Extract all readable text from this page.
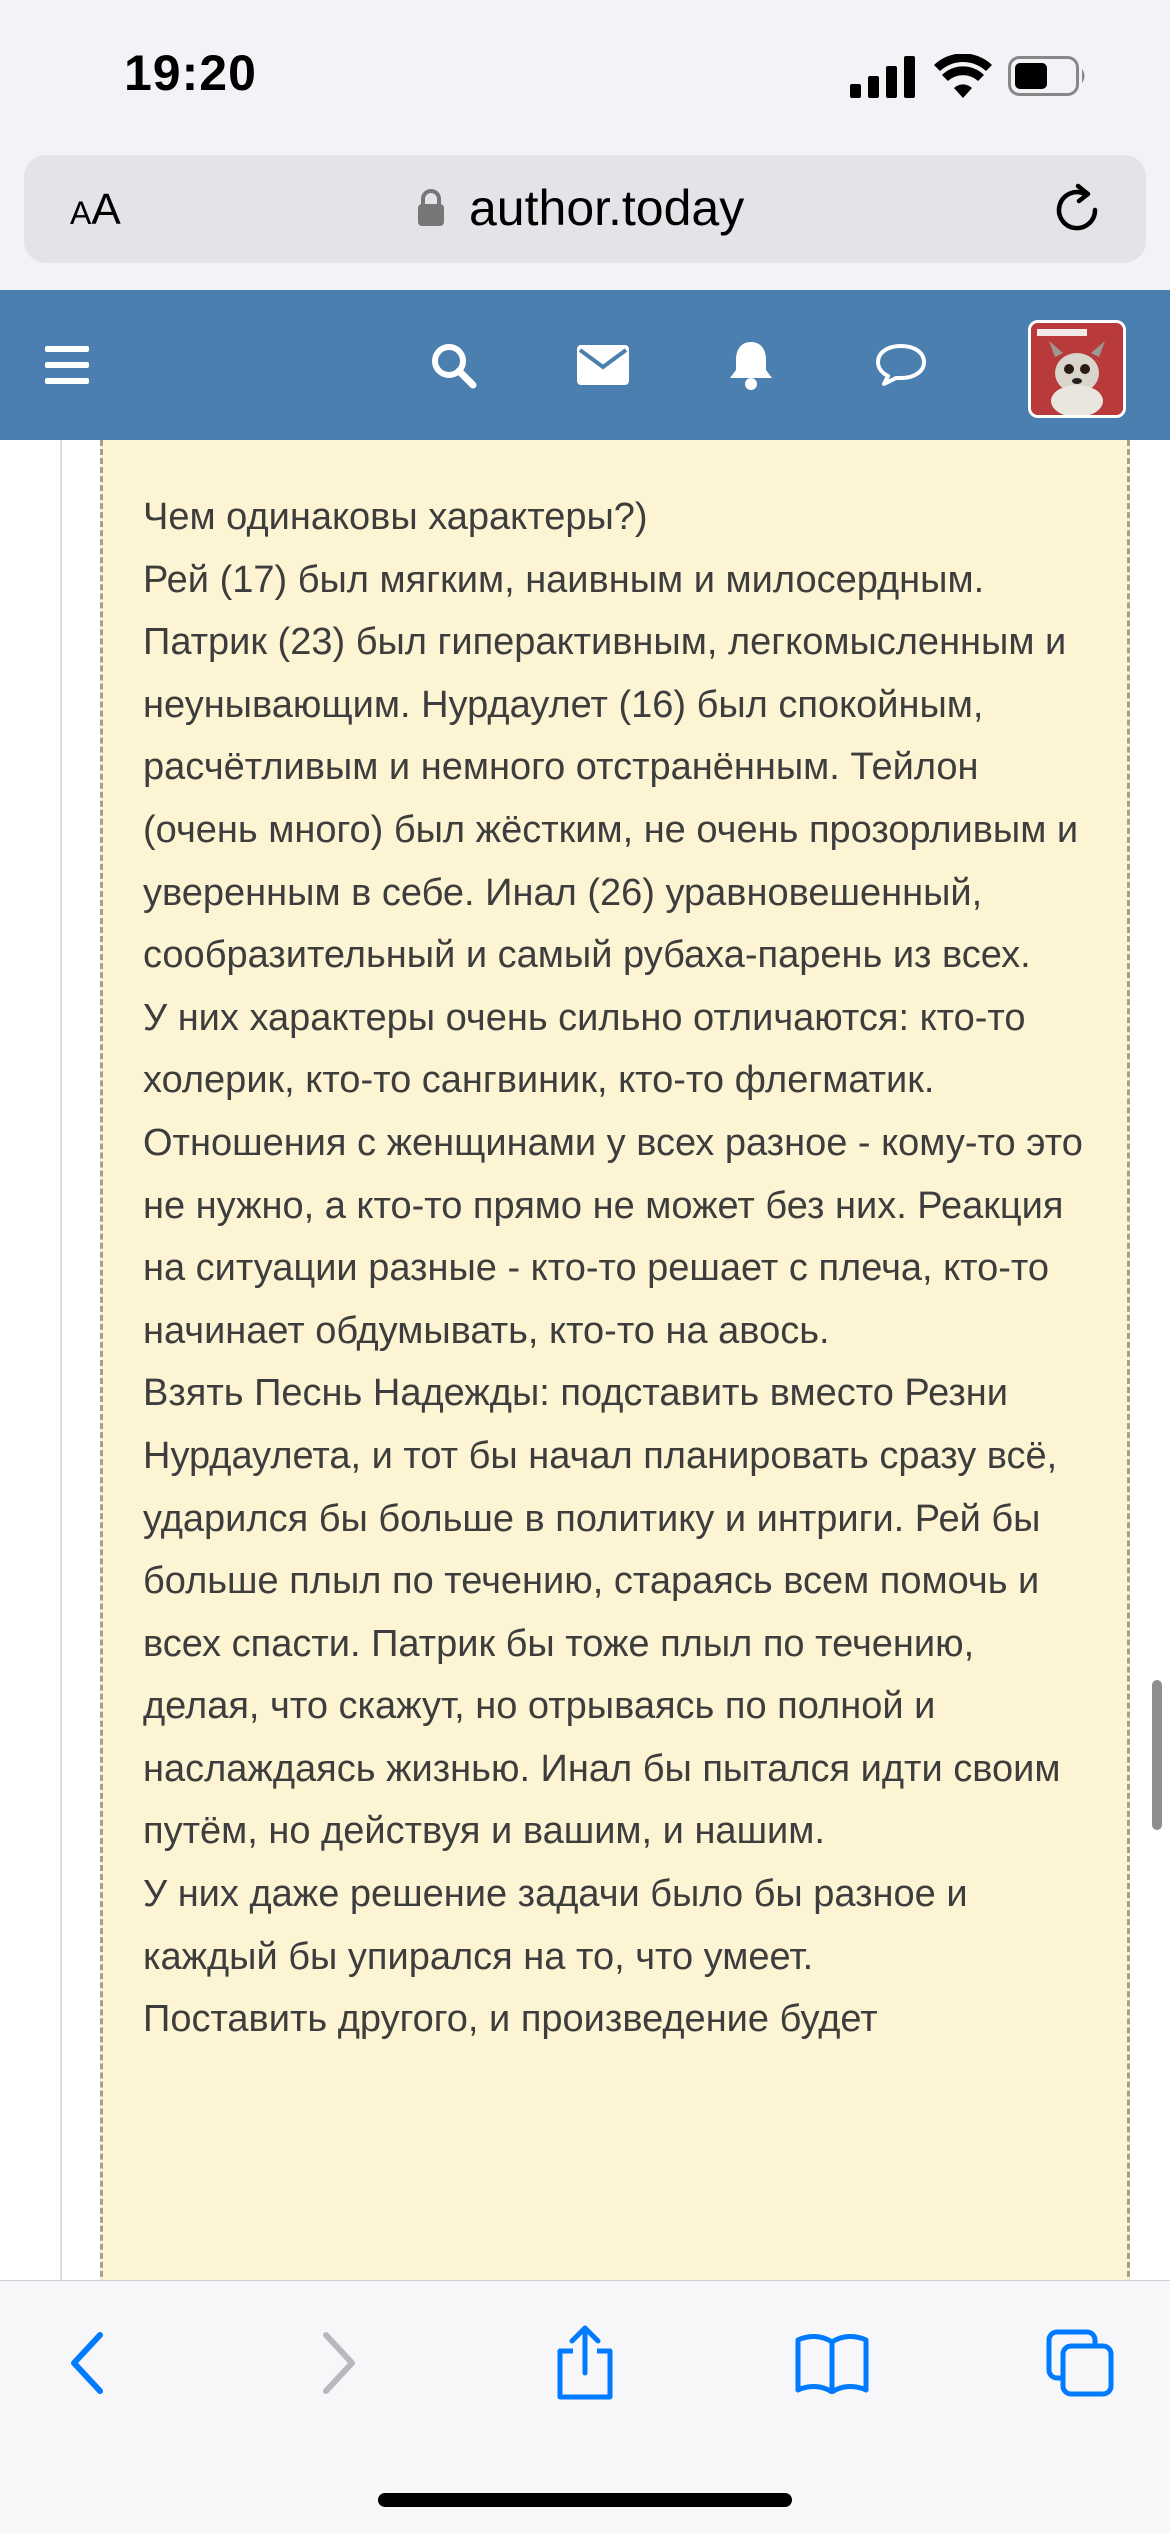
19:20
AA	author.today

Чем одинаковы характеры?)

Рей (17) был мягким, наивным и милосердным. Патрик (23) был гиперактивным, легкомысленным и неунывающим. Нурдаулет (16) был спокойным, расчётливым и немного отстранённым. Тейлон (очень много) был жёстким, не очень прозорливым и уверенным в себе. Инал (26) уравновешенный, сообразительный и самый рубаха-парень из всех.

У них характеры очень сильно отличаются: кто-то холерик, кто-то сангвиник, кто-то флегматик. Отношения с женщинами у всех разное - кому-то это не нужно, а кто-то прямо не может без них. Реакция на ситуации разные - кто-то решает с плеча, кто-то начинает обдумывать, кто-то на авось.

Взять Песнь Надежды: подставить вместо Резни Нурдаулета, и тот бы начал планировать сразу всё, ударился бы больше в политику и интриги. Рей бы больше плыл по течению, стараясь всем помочь и всех спасти. Патрик бы тоже плыл по течению, делая, что скажут, но отрываясь по полной и наслаждаясь жизнью. Инал бы пытался идти своим путём, но действуя и вашим, и нашим.

У них даже решение задачи было бы разное и каждый бы упирался на то, что умеет.

Поставить другого, и произведение будет
